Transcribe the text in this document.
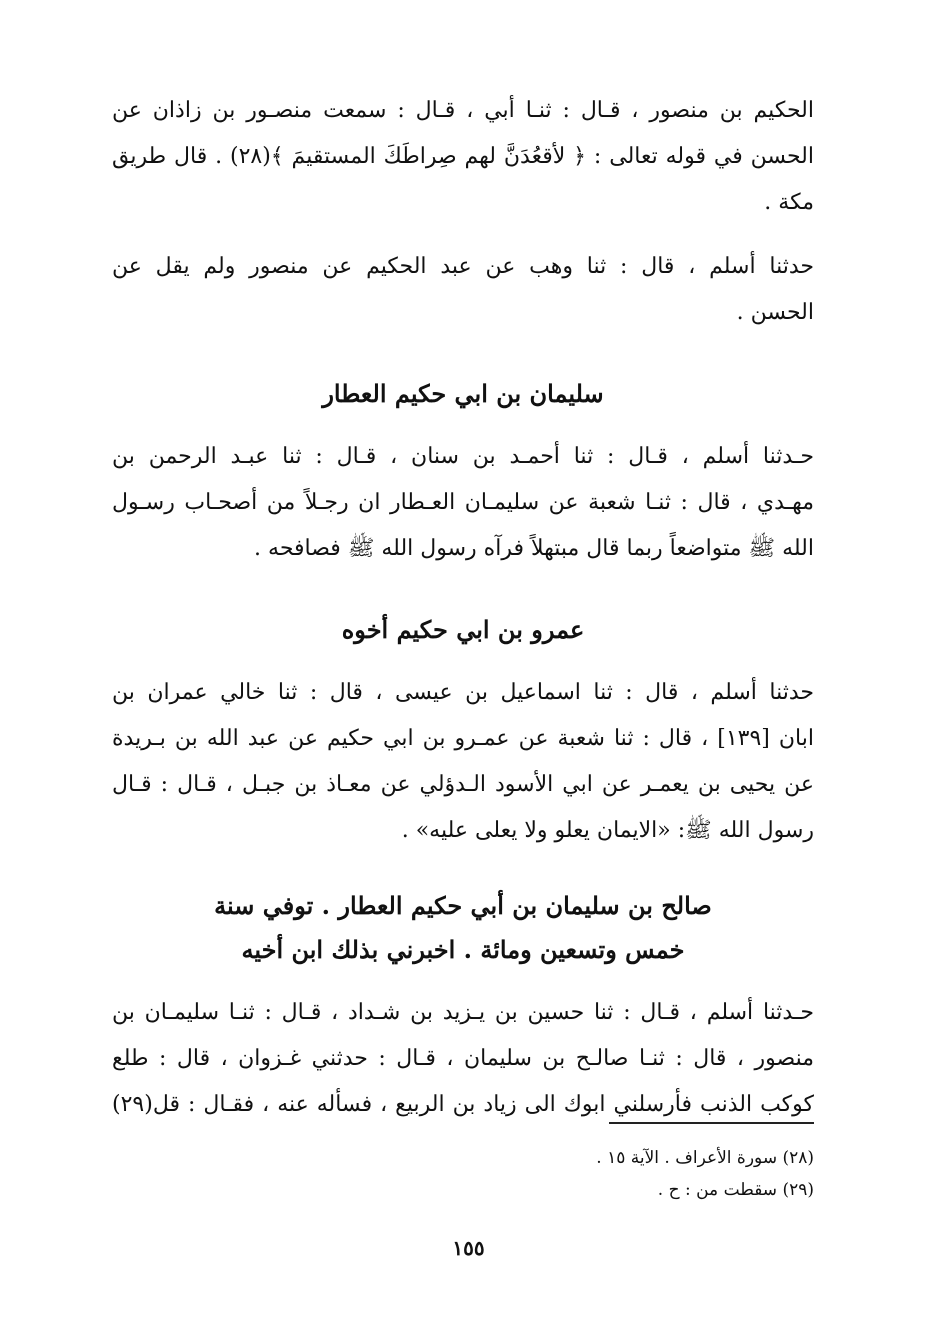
الحكيم بن منصور ، قـال : ثنـا أبي ، قـال : سمعت منصـور بن زاذان عن
الحسن في قوله تعالى : ﴿ لأقعُدَنَّ لهم صِراطَكَ المستقيمَ ﴾(٢٨) . قال طريق
مكة .
حدثنا أسلم ، قال : ثنا وهب عن عبد الحكيم عن منصور ولم يقل عن
الحسن .
سليمان بن ابي حكيم العطار
حـدثنا أسلم ، قـال : ثنا أحمـد بن سنان ، قـال : ثنا عبـد الرحمن بن
مهـدي ، قال : ثنـا شعبة عن سليمـان العـطار ان رجـلاً من أصحـاب رسـول
الله ﷺ متواضعاً ربما قال مبتهلاً فرآه رسول الله ﷺ فصافحه .
عمرو بن ابي حكيم أخوه
حدثنا أسلم ، قال : ثنا اسماعيل بن عيسى ، قال : ثنا خالي عمران بن
ابان [١٣٩] ، قال : ثنا شعبة عن عمـرو بن ابي حكيم عن عبد الله بن بـريدة
عن يحيى بن يعمـر عن ابي الأسود الـدؤلي عن معـاذ بن جبـل ، قـال : قـال
رسول الله ﷺ: «الايمان يعلو ولا يعلى عليه» .
صالح بن سليمان بن أبي حكيم العطار . توفي سنة
خمس وتسعين ومائة . اخبرني بذلك ابن أخيه
حـدثنا أسلم ، قـال : ثنا حسين بن يـزيد بن شـداد ، قـال : ثنـا سليمـان بن
منصور ، قال : ثنـا صالـح بن سليمان ، قـال : حدثني غـزوان ، قال : طلع
كوكب الذنب فأرسلني ابوك الى زياد بن الربيع ، فسأله عنه ، فقـال : قل(٢٩)
(٢٨) سورة الأعراف . الآية ١٥ .
(٢٩) سقطت من : ح .
١٥٥
